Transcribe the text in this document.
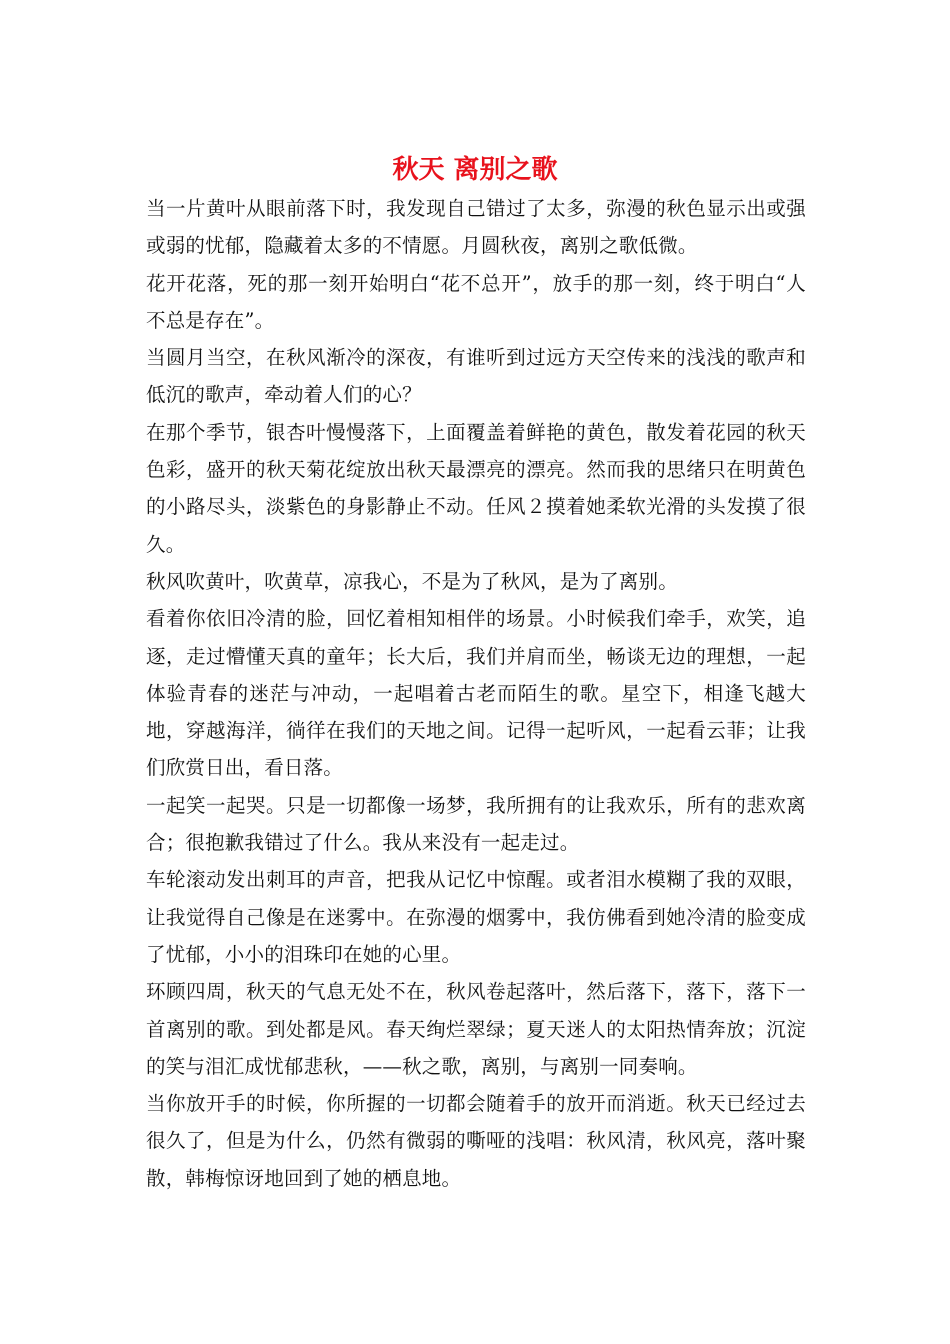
秋天 离别之歌

当一片黄叶从眼前落下时，我发现自己错过了太多，弥漫的秋色显示出或强或弱的忧郁，隐藏着太多的不情愿。月圆秋夜，离别之歌低微。

花开花落，死的那一刻开始明白“花不总开”，放手的那一刻，终于明白“人不总是存在”。

当圆月当空，在秋风渐冷的深夜，有谁听到过远方天空传来的浅浅的歌声和低沉的歌声，牵动着人们的心？

在那个季节，银杏叶慢慢落下，上面覆盖着鲜艳的黄色，散发着花园的秋天色彩，盛开的秋天菊花绽放出秋天最漂亮的漂亮。然而我的思绪只在明黄色的小路尽头，淡紫色的身影静止不动。任风２摸着她柔软光滑的头发摸了很久。

秋风吹黄叶，吹黄草，凉我心，不是为了秋风，是为了离别。

看着你依旧冷清的脸，回忆着相知相伴的场景。小时候我们牵手，欢笑，追逐，走过懵懂天真的童年；长大后，我们并肩而坐，畅谈无边的理想，一起体验青春的迷茫与冲动，一起唱着古老而陌生的歌。星空下，相逢飞越大地，穿越海洋，徜徉在我们的天地之间。记得一起听风，一起看云菲；让我们欣赏日出，看日落。

一起笑一起哭。只是一切都像一场梦，我所拥有的让我欢乐，所有的悲欢离合；很抱歉我错过了什么。我从来没有一起走过。

车轮滚动发出刺耳的声音，把我从记忆中惊醒。或者泪水模糊了我的双眼，让我觉得自己像是在迷雾中。在弥漫的烟雾中，我仿佛看到她冷清的脸变成了忧郁，小小的泪珠印在她的心里。

环顾四周，秋天的气息无处不在，秋风卷起落叶，然后落下，落下，落下一首离别的歌。到处都是风。春天绚烂翠绿；夏天迷人的太阳热情奔放；沉淀的笑与泪汇成忧郁悲秋，——秋之歌，离别，与离别一同奏响。

当你放开手的时候，你所握的一切都会随着手的放开而消逝。秋天已经过去很久了，但是为什么，仍然有微弱的嘶哑的浅唱：秋风清，秋风亮，落叶聚散，韩梅惊讶地回到了她的栖息地。
